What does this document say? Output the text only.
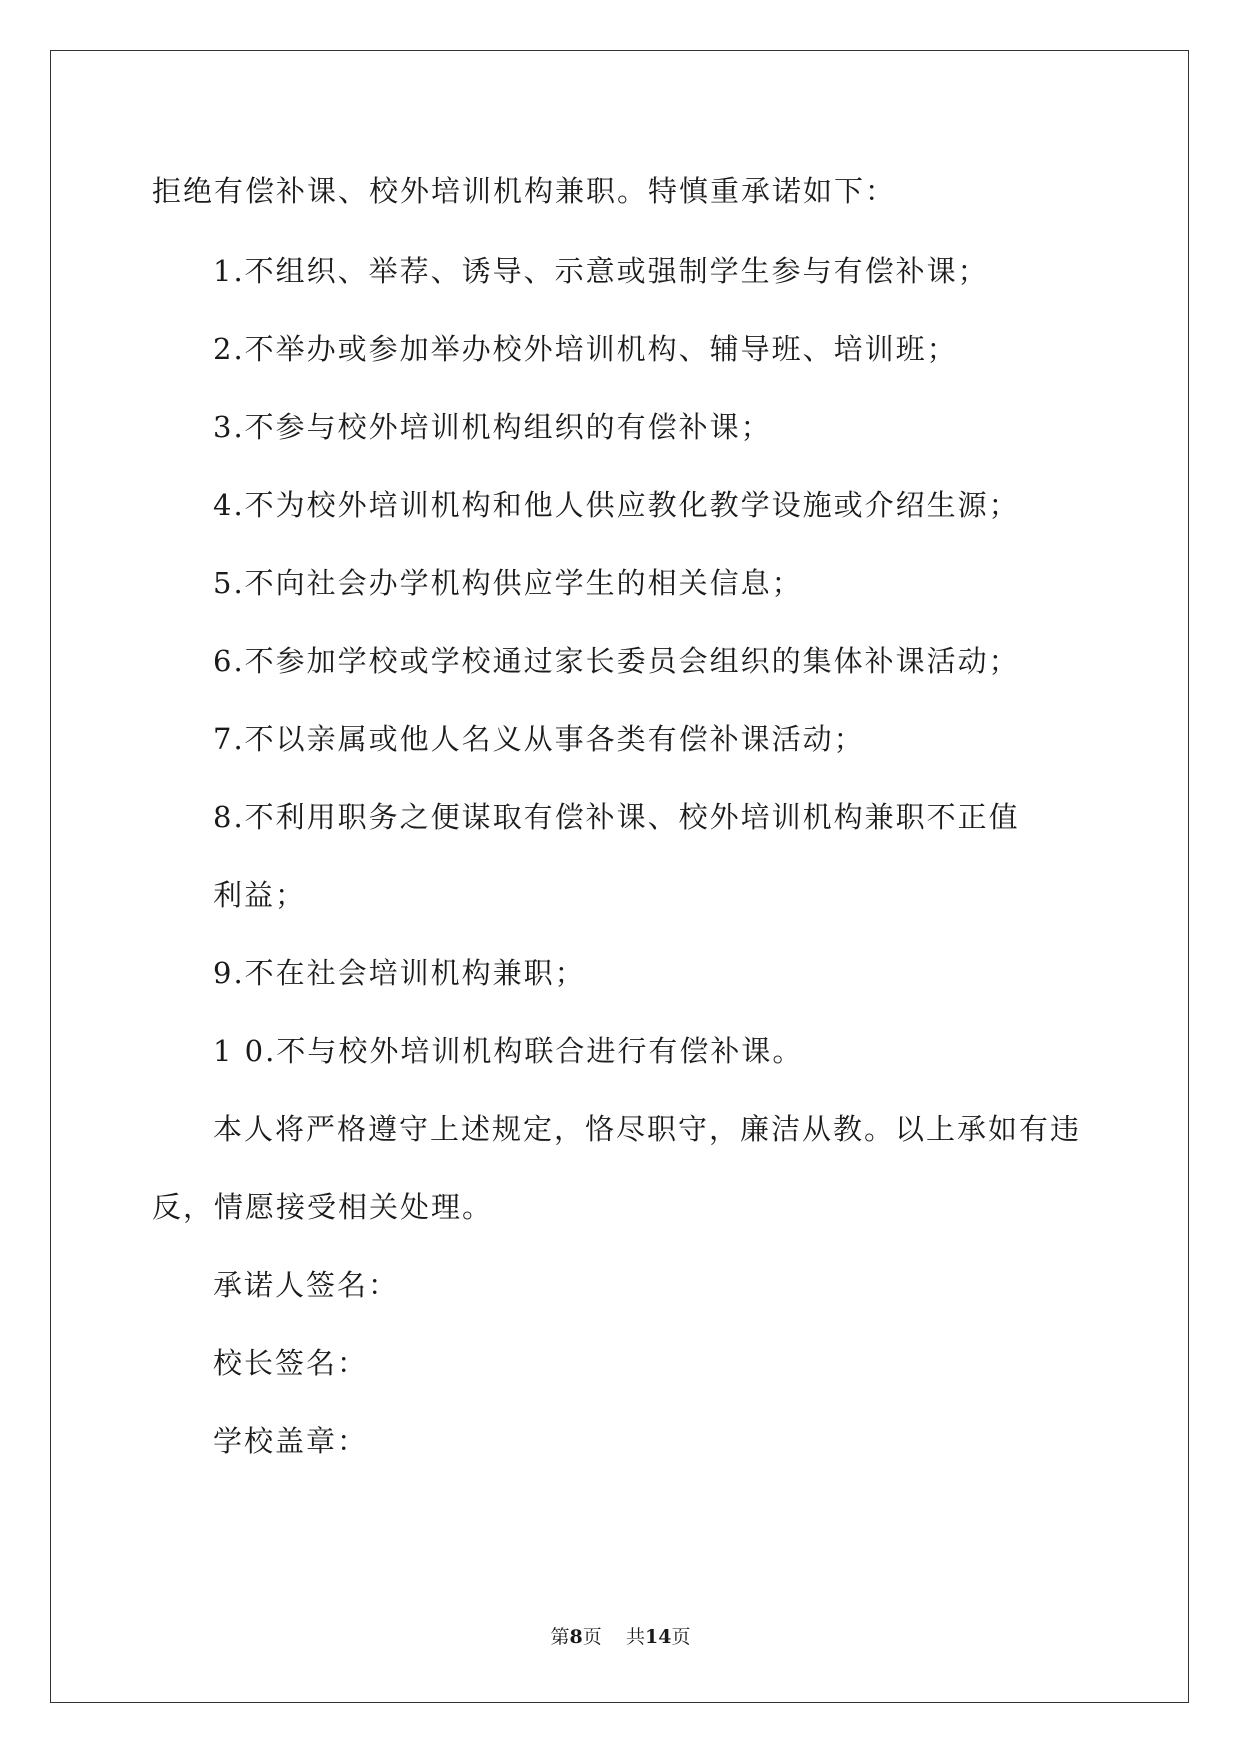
拒绝有偿补课、校外培训机构兼职。特慎重承诺如下：
1.不组织、举荐、诱导、示意或强制学生参与有偿补课；
2.不举办或参加举办校外培训机构、辅导班、培训班；
3.不参与校外培训机构组织的有偿补课；
4.不为校外培训机构和他人供应教化教学设施或介绍生源；
5.不向社会办学机构供应学生的相关信息；
6.不参加学校或学校通过家长委员会组织的集体补课活动；
7.不以亲属或他人名义从事各类有偿补课活动；
8.不利用职务之便谋取有偿补课、校外培训机构兼职不正值
利益；
9.不在社会培训机构兼职；
1 0.不与校外培训机构联合进行有偿补课。
本人将严格遵守上述规定，恪尽职守，廉洁从教。以上承如有违
反，情愿接受相关处理。
承诺人签名：
校长签名：
学校盖章：
第8页 共14页
